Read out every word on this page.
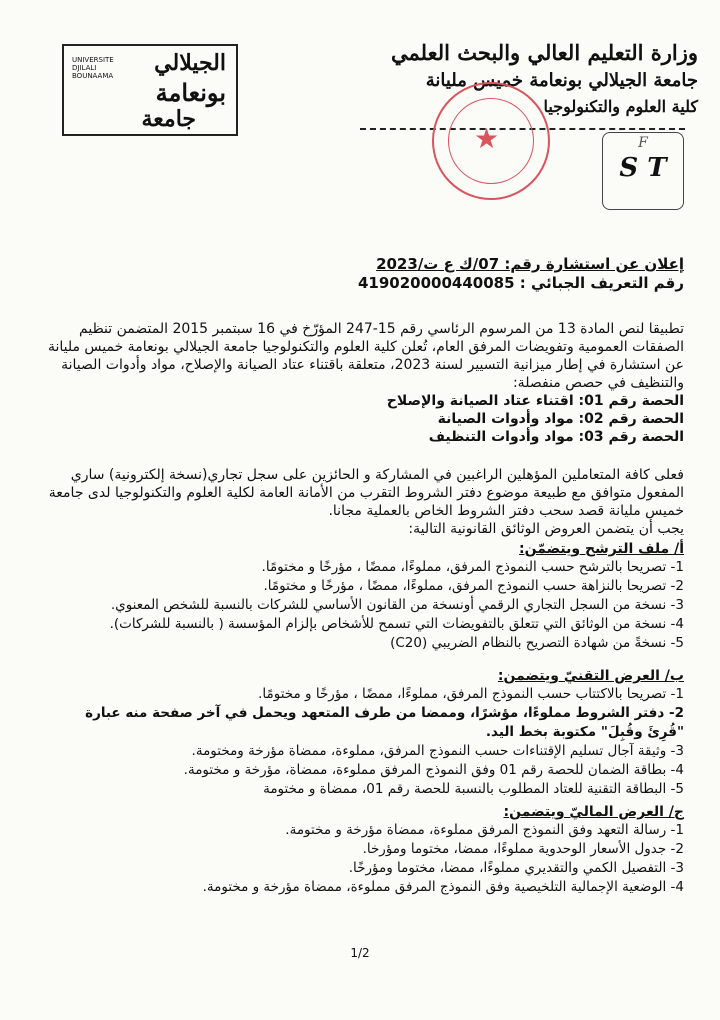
وزارة التعليم العالي والبحث العلمي
جامعة الجيلالي بونعامة خميس مليانة
كلية العلوم والتكنولوجيا
الجيلالي
بونعامة
جامعة
UNIVERSITE DJILALI BOUNAAMA
★	F
S T
إعلان عن استشارة رقم: 07/ك ع ت/2023
رقم التعريف الجبائي : 419020000440085
تطبيقا لنص المادة 13 من المرسوم الرئاسي رقم 15-247 المؤرّخ في 16 سبتمبر 2015 المتضمن تنظيم الصفقات العمومية وتفويضات المرفق العام، تُعلن كلية العلوم والتكنولوجيا جامعة الجيلالي بونعامة خميس مليانة عن استشارة في إطار ميزانية التسيير لسنة 2023، متعلقة باقتناء عتاد الصيانة والإصلاح، مواد وأدوات الصيانة والتنظيف في حصص منفصلة:
الحصة رقم 01: اقتناء عتاد الصيانة والإصلاح
الحصة رقم 02: مواد وأدوات الصيانة
الحصة رقم 03: مواد وأدوات التنظيف
فعلى كافة المتعاملين المؤهلين الراغبين في المشاركة و الحائزين على سجل تجاري(نسخة إلكترونية) ساري المفعول متوافق مع طبيعة موضوع دفتر الشروط التقرب من الأمانة العامة لكلية العلوم والتكنولوجيا لدى جامعة خميس مليانة قصد سحب دفتر الشروط الخاص بالعملية مجانا.
يجب أن يتضمن العروض الوثائق القانونية التالية:
أ/ ملف الترشح ويتضمّن:
1- تصريحا بالترشح حسب النموذج المرفق، مملوءًا، ممضًا ، مؤرخًا و مختومًا.
2- تصريحا بالنزاهة حسب النموذج المرفق، مملوءًا، ممضًا ، مؤرخًا و مختومًا.
3- نسخة من السجل التجاري الرقمي أونسخة من القانون الأساسي للشركات بالنسبة للشخص المعنوي.
4- نسخة من الوثائق التي تتعلق بالتفويضات التي تسمح للأشخاص بإلزام المؤسسة ( بالنسبة للشركات).
5- نسخةً من شهادة التصريح بالنظام الضريبي (C20)
ب/ العرض التقنيّ ويتضمن:
1- تصريحا بالاكتتاب حسب النموذج المرفق، مملوءًا، ممضًا ، مؤرخًا و مختومًا.
2- دفتر الشروط مملوءًا، مؤشرًا، وممضا من طرف المتعهد ويحمل في آخر صفحة منه عبارة "قُرِئَ وقُبِلَ" مكتوبة بخط اليد.
3- وثيقة آجال تسليم الإقتناءات حسب النموذج المرفق، مملوءة، ممضاة مؤرخة ومختومة.
4- بطاقة الضمان للحصة رقم 01 وفق النموذج المرفق مملوءة، ممضاة، مؤرخة و مختومة.
5- البطاقة التقنية للعتاد المطلوب بالنسبة للحصة رقم 01، ممضاة و مختومة
ج/ العرض الماليّ ويتضمن:
1- رسالة التعهد وفق النموذج المرفق مملوءة، ممضاة مؤرخة و مختومة.
2- جدول الأسعار الوحدوية مملوءًا، ممضا، مختوما ومؤرخا.
3- التفصيل الكمي والتقديري مملوءًا، ممضا، مختوما ومؤرخًا.
4- الوضعية الإجمالية التلخيصية وفق النموذج المرفق مملوءة، ممضاة مؤرخة و مختومة.
1/2
